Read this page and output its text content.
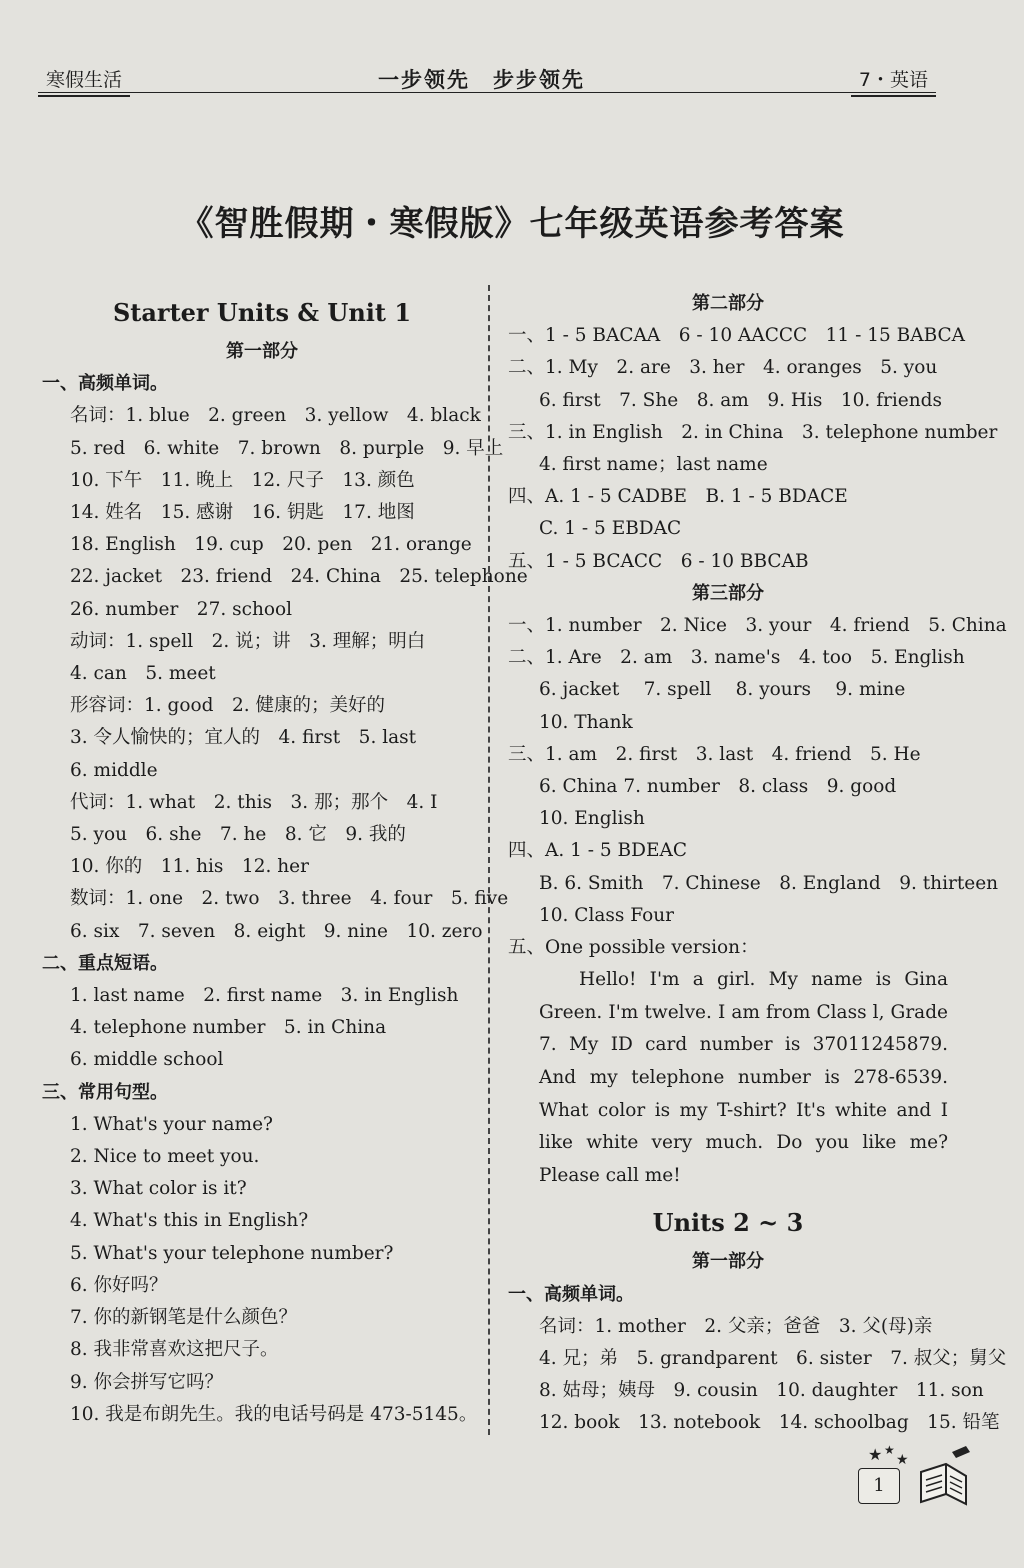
寒假生活	一步领先　步步领先	7・英语
《智胜假期・寒假版》七年级英语参考答案
Starter Units & Unit 1
第一部分
一、高频单词。
名词：1. blue　2. green　3. yellow　4. black
5. red　6. white　7. brown　8. purple　9. 早上
10. 下午　11. 晚上　12. 尺子　13. 颜色
14. 姓名　15. 感谢　16. 钥匙　17. 地图
18. English　19. cup　20. pen　21. orange
22. jacket　23. friend　24. China　25. telephone
26. number　27. school
动词：1. spell　2. 说；讲　3. 理解；明白
4. can　5. meet
形容词：1. good　2. 健康的；美好的
3. 令人愉快的；宜人的　4. first　5. last
6. middle
代词：1. what　2. this　3. 那；那个　4. I
5. you　6. she　7. he　8. 它　9. 我的
10. 你的　11. his　12. her
数词：1. one　2. two　3. three　4. four　5. five
6. six　7. seven　8. eight　9. nine　10. zero
二、重点短语。
1. last name　2. first name　3. in English
4. telephone number　5. in China
6. middle school
三、常用句型。
1. What's your name?
2. Nice to meet you.
3. What color is it?
4. What's this in English?
5. What's your telephone number?
6. 你好吗？
7. 你的新钢笔是什么颜色？
8. 我非常喜欢这把尺子。
9. 你会拼写它吗？
10. 我是布朗先生。我的电话号码是 473-5145。
第二部分
一、1 - 5 BACAA　6 - 10 AACCC　11 - 15 BABCA
二、1. My　2. are　3. her　4. oranges　5. you
6. first　7. She　8. am　9. His　10. friends
三、1. in English　2. in China　3. telephone number
4. first name；last name
四、A. 1 - 5 CADBE　B. 1 - 5 BDACE
C. 1 - 5 EBDAC
五、1 - 5 BCACC　6 - 10 BBCAB
第三部分
一、1. number　2. Nice　3. your　4. friend　5. China
二、1. Are　2. am　3. name's　4. too　5. English
6. jacket　 7. spell　 8. yours　 9. mine
10. Thank
三、1. am　2. first　3. last　4. friend　5. He
6. China 7. number　8. class　9. good
10. English
四、A. 1 - 5 BDEAC
B. 6. Smith　7. Chinese　8. England　9. thirteen
10. Class Four
五、One possible version：
Hello! I'm a girl. My name is Gina Green. I'm twelve. I am from Class l, Grade 7. My ID card number is 37011245879. And my telephone number is 278-6539. What color is my T-shirt? It's white and I like white very much. Do you like me? Please call me!
Units 2 ~ 3
第一部分
一、高频单词。
名词：1. mother　2. 父亲；爸爸　3. 父(母)亲
4. 兄；弟　5. grandparent　6. sister　7. 叔父；舅父
8. 姑母；姨母　9. cousin　10. daughter　11. son
12. book　13. notebook　14. schoolbag　15. 铅笔
★ ★
★
1
